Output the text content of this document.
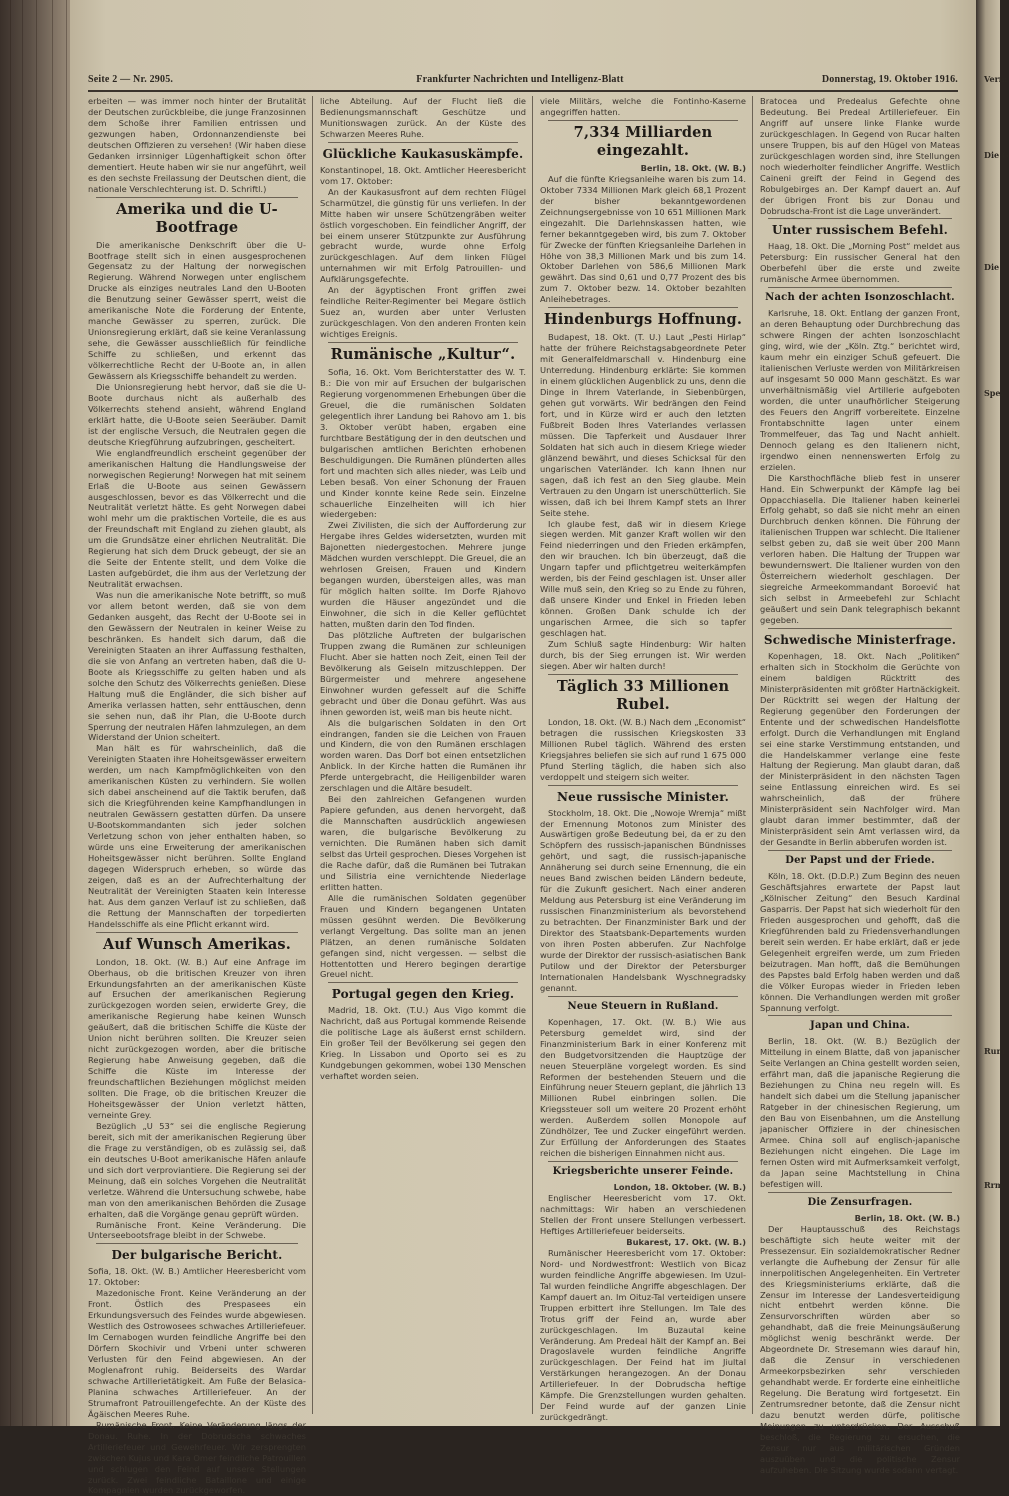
Seite 2 — Nr. 2905.	Frankfurter Nachrichten und Intelligenz-Blatt	Donnerstag, 19. Oktober 1916.

erbeiten — was immer noch hinter der Brutalität der Deutschen zurückbleibe, die junge Franzosinnen dem Schoße ihrer Familien entrissen und gezwungen haben, Ordonnanzendienste bei deutschen Offizieren zu versehen! (Wir haben diese Gedanken irrsinniger Lügenhaftigkeit schon öfter dementiert. Heute haben wir sie nur angeführt, weil es den sechste Freilassung der Deutschen dient, die nationale Verschlechterung ist. D. Schriftl.)

Amerika und die U-Bootfrage

Die amerikanische Denkschrift über die U-Bootfrage stellt sich in einen ausgesprochenen Gegensatz zu der Haltung der norwegischen Regierung. Während Norwegen unter englischem Drucke als einziges neutrales Land den U-Booten die Benutzung seiner Gewässer sperrt, weist die amerikanische Note die Forderung der Entente, manche Gewässer zu sperren, zurück. Die Unionsregierung erklärt, daß sie keine Veranlassung sehe, die Gewässer ausschließlich für feindliche Schiffe zu schließen, und erkennt das völkerrechtliche Recht der U-Boote an, in allen Gewässern als Kriegsschiffe behandelt zu werden.

Die Unionsregierung hebt hervor, daß sie die U-Boote durchaus nicht als außerhalb des Völkerrechts stehend ansieht, während England erklärt hatte, die U-Boote seien Seeräuber. Damit ist der englische Versuch, die Neutralen gegen die deutsche Kriegführung aufzubringen, gescheitert.

Wie englandfreundlich erscheint gegenüber der amerikanischen Haltung die Handlungsweise der norwegischen Regierung! Norwegen hat mit seinem Erlaß die U-Boote aus seinen Gewässern ausgeschlossen, bevor es das Völkerrecht und die Neutralität verletzt hätte. Es geht Norwegen dabei wohl mehr um die praktischen Vorteile, die es aus der Freundschaft mit England zu ziehen glaubt, als um die Grundsätze einer ehrlichen Neutralität. Die Regierung hat sich dem Druck gebeugt, der sie an die Seite der Entente stellt, und dem Volke die Lasten aufgebürdet, die ihm aus der Verletzung der Neutralität erwachsen.

Was nun die amerikanische Note betrifft, so muß vor allem betont werden, daß sie von dem Gedanken ausgeht, das Recht der U-Boote sei in den Gewässern der Neutralen in keiner Weise zu beschränken. Es handelt sich darum, daß die Vereinigten Staaten an ihrer Auffassung festhalten, die sie von Anfang an vertreten haben, daß die U-Boote als Kriegsschiffe zu gelten haben und als solche den Schutz des Völkerrechts genießen. Diese Haltung muß die Engländer, die sich bisher auf Amerika verlassen hatten, sehr enttäuschen, denn sie sehen nun, daß ihr Plan, die U-Boote durch Sperrung der neutralen Häfen lahmzulegen, an dem Widerstand der Union scheitert.

Man hält es für wahrscheinlich, daß die Vereinigten Staaten ihre Hoheitsgewässer erweitern werden, um nach Kampfmöglichkeiten von den amerikanischen Küsten zu verhindern. Sie wollen sich dabei anscheinend auf die Taktik berufen, daß sich die Kriegführenden keine Kampfhandlungen in neutralen Gewässern gestatten dürfen. Da unsere U-Bootskommandanten sich jeder solchen Verletzung schon von jeher enthalten haben, so würde uns eine Erweiterung der amerikanischen Hoheitsgewässer nicht berühren. Sollte England dagegen Widerspruch erheben, so würde das zeigen, daß es an der Aufrechterhaltung der Neutralität der Vereinigten Staaten kein Interesse hat. Aus dem ganzen Verlauf ist zu schließen, daß die Rettung der Mannschaften der torpedierten Handelsschiffe als eine Pflicht erkannt wird.

Auf Wunsch Amerikas.

London, 18. Okt. (W. B.) Auf eine Anfrage im Oberhaus, ob die britischen Kreuzer von ihren Erkundungsfahrten an der amerikanischen Küste auf Ersuchen der amerikanischen Regierung zurückgezogen worden seien, erwiderte Grey, die amerikanische Regierung habe keinen Wunsch geäußert, daß die britischen Schiffe die Küste der Union nicht berühren sollten. Die Kreuzer seien nicht zurückgezogen worden, aber die britische Regierung habe Anweisung gegeben, daß die Schiffe die Küste im Interesse der freundschaftlichen Beziehungen möglichst meiden sollten. Die Frage, ob die britischen Kreuzer die Hoheitsgewässer der Union verletzt hätten, verneinte Grey.

Bezüglich „U 53“ sei die englische Regierung bereit, sich mit der amerikanischen Regierung über die Frage zu verständigen, ob es zulässig sei, daß ein deutsches U-Boot amerikanische Häfen anlaufe und sich dort verproviantiere. Die Regierung sei der Meinung, daß ein solches Vorgehen die Neutralität verletze. Während die Untersuchung schwebe, habe man von den amerikanischen Behörden die Zusage erhalten, daß die Vorgänge genau geprüft würden.

Rumänische Front. Keine Veränderung. Die Unterseebootsfrage bleibt in der Schwebe.

Der bulgarische Bericht.

Sofia, 18. Okt. (W. B.) Amtlicher Heeresbericht vom 17. Oktober:

Mazedonische Front. Keine Veränderung an der Front. Östlich des Prespasees ein Erkundungsversuch des Feindes wurde abgewiesen. Westlich des Ostrowosees schwaches Artilleriefeuer. Im Cernabogen wurden feindliche Angriffe bei den Dörfern Skochivir und Vrbeni unter schweren Verlusten für den Feind abgewiesen. An der Moglenafront ruhig. Beiderseits des Wardar schwache Artillerietätigkeit. Am Fuße der Belasica-Planina schwaches Artilleriefeuer. An der Strumafront Patrouillengefechte. An der Küste des Ägäischen Meeres Ruhe.

Rumänische Front. Keine Veränderung längs der Donau. Ruhe. In der Dobrudscha schwaches Artilleriefeuer und Gewehrfeuer. Wir zersprengten zwischen Kujus und Kara Omer feindliche Patrouillen und schlugen den Feind auf unsere Stellungen zurück. Zwei feindliche Bataillone und einige Kompagnien wurden zurückgeworfen.

liche Abteilung. Auf der Flucht ließ die Bedienungsmannschaft Geschütze und Munitionswagen zurück. An der Küste des Schwarzen Meeres Ruhe.

Glückliche Kaukasuskämpfe.

Konstantinopel, 18. Okt. Amtlicher Heeresbericht vom 17. Oktober:

An der Kaukasusfront auf dem rechten Flügel Scharmützel, die günstig für uns verliefen. In der Mitte haben wir unsere Schützengräben weiter östlich vorgeschoben. Ein feindlicher Angriff, der bei einem unserer Stützpunkte zur Ausführung gebracht wurde, wurde ohne Erfolg zurückgeschlagen. Auf dem linken Flügel unternahmen wir mit Erfolg Patrouillen- und Aufklärungsgefechte.

An der ägyptischen Front griffen zwei feindliche Reiter-Regimenter bei Megare östlich Suez an, wurden aber unter Verlusten zurückgeschlagen. Von den anderen Fronten kein wichtiges Ereignis.

Rumänische „Kultur“.

Sofia, 16. Okt. Vom Berichterstatter des W. T. B.: Die von mir auf Ersuchen der bulgarischen Regierung vorgenommenen Erhebungen über die Greuel, die die rumänischen Soldaten gelegentlich ihrer Landung bei Rahovo am 1. bis 3. Oktober verübt haben, ergaben eine furchtbare Bestätigung der in den deutschen und bulgarischen amtlichen Berichten erhobenen Beschuldigungen. Die Rumänen plünderten alles fort und machten sich alles nieder, was Leib und Leben besaß. Von einer Schonung der Frauen und Kinder konnte keine Rede sein. Einzelne schauerliche Einzelheiten will ich hier wiedergeben:

Zwei Zivilisten, die sich der Aufforderung zur Hergabe ihres Geldes widersetzten, wurden mit Bajonetten niedergestochen. Mehrere junge Mädchen wurden verschleppt. Die Greuel, die an wehrlosen Greisen, Frauen und Kindern begangen wurden, übersteigen alles, was man für möglich halten sollte. Im Dorfe Rjahovo wurden die Häuser angezündet und die Einwohner, die sich in die Keller geflüchtet hatten, mußten darin den Tod finden.

Das plötzliche Auftreten der bulgarischen Truppen zwang die Rumänen zur schleunigen Flucht. Aber sie hatten noch Zeit, einen Teil der Bevölkerung als Geiseln mitzuschleppen. Der Bürgermeister und mehrere angesehene Einwohner wurden gefesselt auf die Schiffe gebracht und über die Donau geführt. Was aus ihnen geworden ist, weiß man bis heute nicht.

Als die bulgarischen Soldaten in den Ort eindrangen, fanden sie die Leichen von Frauen und Kindern, die von den Rumänen erschlagen worden waren. Das Dorf bot einen entsetzlichen Anblick. In der Kirche hatten die Rumänen ihr Pferde untergebracht, die Heiligenbilder waren zerschlagen und die Altäre besudelt.

Bei den zahlreichen Gefangenen wurden Papiere gefunden, aus denen hervorgeht, daß die Mannschaften ausdrücklich angewiesen waren, die bulgarische Bevölkerung zu vernichten. Die Rumänen haben sich damit selbst das Urteil gesprochen. Dieses Vorgehen ist die Rache dafür, daß die Rumänen bei Tutrakan und Silistria eine vernichtende Niederlage erlitten hatten.

Alle die rumänischen Soldaten gegenüber Frauen und Kindern begangenen Untaten müssen gesühnt werden. Die Bevölkerung verlangt Vergeltung. Das sollte man an jenen Plätzen, an denen rumänische Soldaten gefangen sind, nicht vergessen. — selbst die Hottentotten und Herero begingen derartige Greuel nicht.

Portugal gegen den Krieg.

Madrid, 18. Okt. (T.U.) Aus Vigo kommt die Nachricht, daß aus Portugal kommende Reisende die politische Lage als äußerst ernst schildern. Ein großer Teil der Bevölkerung sei gegen den Krieg. In Lissabon und Oporto sei es zu Kundgebungen gekommen, wobei 130 Menschen verhaftet worden seien.

viele Militärs, welche die Fontinho-Kaserne angegriffen hatten.

7,334 Milliarden eingezahlt.

Berlin, 18. Okt. (W. B.)

Auf die fünfte Kriegsanleihe waren bis zum 14. Oktober 7334 Millionen Mark gleich 68,1 Prozent der bisher bekanntgewordenen Zeichnungsergebnisse von 10 651 Millionen Mark eingezahlt. Die Darlehnskassen hatten, wie ferner bekanntgegeben wird, bis zum 7. Oktober für Zwecke der fünften Kriegsanleihe Darlehen in Höhe von 38,3 Millionen Mark und bis zum 14. Oktober Darlehen von 586,6 Millionen Mark gewährt. Das sind 0,61 und 0,77 Prozent des bis zum 7. Oktober bezw. 14. Oktober bezahlten Anleihebetrages.

Hindenburgs Hoffnung.

Budapest, 18. Okt. (T. U.) Laut „Pesti Hirlap“ hatte der frühere Reichstagsabgeordnete Peter mit Generalfeldmarschall v. Hindenburg eine Unterredung. Hindenburg erklärte: Sie kommen in einem glücklichen Augenblick zu uns, denn die Dinge in Ihrem Vaterlande, in Siebenbürgen, gehen gut vorwärts. Wir bedrängen den Feind fort, und in Kürze wird er auch den letzten Fußbreit Boden Ihres Vaterlandes verlassen müssen. Die Tapferkeit und Ausdauer Ihrer Soldaten hat sich auch in diesem Kriege wieder glänzend bewährt, und dieses Schicksal für den ungarischen Vaterländer. Ich kann Ihnen nur sagen, daß ich fest an den Sieg glaube. Mein Vertrauen zu den Ungarn ist unerschütterlich. Sie wissen, daß ich bei Ihrem Kampf stets an Ihrer Seite stehe.

Ich glaube fest, daß wir in diesem Kriege siegen werden. Mit ganzer Kraft wollen wir den Feind niederringen und den Frieden erkämpfen, den wir brauchen. Ich bin überzeugt, daß die Ungarn tapfer und pflichtgetreu weiterkämpfen werden, bis der Feind geschlagen ist. Unser aller Wille muß sein, den Krieg so zu Ende zu führen, daß unsere Kinder und Enkel in Frieden leben können. Großen Dank schulde ich der ungarischen Armee, die sich so tapfer geschlagen hat.

Zum Schluß sagte Hindenburg: Wir halten durch, bis der Sieg errungen ist. Wir werden siegen. Aber wir halten durch!

Täglich 33 Millionen Rubel.

London, 18. Okt. (W. B.) Nach dem „Economist“ betragen die russischen Kriegskosten 33 Millionen Rubel täglich. Während des ersten Kriegsjahres beliefen sie sich auf rund 1 675 000 Pfund Sterling täglich, die haben sich also verdoppelt und steigern sich weiter.

Neue russische Minister.

Stockholm, 18. Okt. Die „Nowoje Wremja“ mißt der Ernennung Motonos zum Minister des Auswärtigen große Bedeutung bei, da er zu den Schöpfern des russisch-japanischen Bündnisses gehört, und sagt, die russisch-japanische Annäherung sei durch seine Ernennung, die ein neues Band zwischen beiden Ländern bedeute, für die Zukunft gesichert. Nach einer anderen Meldung aus Petersburg ist eine Veränderung im russischen Finanzministerium als bevorstehend zu betrachten. Der Finanzminister Bark und der Direktor des Staatsbank-Departements wurden von ihren Posten abberufen. Zur Nachfolge wurde der Direktor der russisch-asiatischen Bank Putilow und der Direktor der Petersburger Internationalen Handelsbank Wyschnegradsky genannt.

Neue Steuern in Rußland.

Kopenhagen, 17. Okt. (W. B.) Wie aus Petersburg gemeldet wird, sind der Finanzministerium Bark in einer Konferenz mit den Budgetvorsitzenden die Hauptzüge der neuen Steuerpläne vorgelegt worden. Es sind Reformen der bestehenden Steuern und die Einführung neuer Steuern geplant, die jährlich 13 Millionen Rubel einbringen sollen. Die Kriegssteuer soll um weitere 20 Prozent erhöht werden. Außerdem sollen Monopole auf Zündhölzer, Tee und Zucker eingeführt werden. Zur Erfüllung der Anforderungen des Staates reichen die bisherigen Einnahmen nicht aus.

Kriegsberichte unserer Feinde.

London, 18. Oktober. (W. B.)

Englischer Heeresbericht vom 17. Okt. nachmittags: Wir haben an verschiedenen Stellen der Front unsere Stellungen verbessert. Heftiges Artilleriefeuer beiderseits.

Bukarest, 17. Okt. (W. B.)

Rumänischer Heeresbericht vom 17. Oktober: Nord- und Nordwestfront: Westlich von Bicaz wurden feindliche Angriffe abgewiesen. Im Uzul-Tal wurden feindliche Angriffe abgeschlagen. Der Kampf dauert an. Im Oituz-Tal verteidigen unsere Truppen erbittert ihre Stellungen. Im Tale des Trotus griff der Feind an, wurde aber zurückgeschlagen. Im Buzautal keine Veränderung. Am Predeal hält der Kampf an. Bei Dragoslavele wurden feindliche Angriffe zurückgeschlagen. Der Feind hat im Jiultal Verstärkungen herangezogen. An der Donau Artilleriefeuer. In der Dobrudscha heftige Kämpfe. Die Grenzstellungen wurden gehalten. Der Feind wurde auf der ganzen Linie zurückgedrängt.

Bratocea und Predealus Gefechte ohne Bedeutung. Bei Predeal Artilleriefeuer. Ein Angriff auf unsere linke Flanke wurde zurückgeschlagen. In Gegend von Rucar halten unsere Truppen, bis auf den Hügel von Mateas zurückgeschlagen worden sind, ihre Stellungen noch wiederholter feindlicher Angriffe. Westlich Caineni greift der Feind in Gegend des Robulgebirges an. Der Kampf dauert an. Auf der übrigen Front bis zur Donau und Dobrudscha-Front ist die Lage unverändert.

Unter russischem Befehl.

Haag, 18. Okt. Die „Morning Post“ meldet aus Petersburg: Ein russischer General hat den Oberbefehl über die erste und zweite rumänische Armee übernommen.

Nach der achten Isonzoschlacht.

Karlsruhe, 18. Okt. Entlang der ganzen Front, an deren Behauptung oder Durchbrechung das schwere Ringen der achten Isonzoschlacht ging, wird, wie der „Köln. Ztg.“ berichtet wird, kaum mehr ein einziger Schuß gefeuert. Die italienischen Verluste werden von Militärkreisen auf insgesamt 50 000 Mann geschätzt. Es war unverhältnismäßig viel Artillerie aufgeboten worden, die unter unaufhörlicher Steigerung des Feuers den Angriff vorbereitete. Einzelne Frontabschnitte lagen unter einem Trommelfeuer, das Tag und Nacht anhielt. Dennoch gelang es den Italienern nicht, irgendwo einen nennenswerten Erfolg zu erzielen.

Die Karsthochfläche blieb fest in unserer Hand. Ein Schwerpunkt der Kämpfe lag bei Oppacchiasella. Die Italiener haben keinerlei Erfolg gehabt, so daß sie nicht mehr an einen Durchbruch denken können. Die Führung der italienischen Truppen war schlecht. Die Italiener selbst geben zu, daß sie weit über 200 Mann verloren haben. Die Haltung der Truppen war bewundernswert. Die Italiener wurden von den Österreichern wiederholt geschlagen. Der siegreiche Armeekommandant Boroević hat sich selbst in Armeebefehl zur Schlacht geäußert und sein Dank telegraphisch bekannt gegeben.

Schwedische Ministerfrage.

Kopenhagen, 18. Okt. Nach „Politiken“ erhalten sich in Stockholm die Gerüchte von einem baldigen Rücktritt des Ministerpräsidenten mit größter Hartnäckigkeit. Der Rücktritt sei wegen der Haltung der Regierung gegenüber den Forderungen der Entente und der schwedischen Handelsflotte erfolgt. Durch die Verhandlungen mit England sei eine starke Verstimmung entstanden, und die Handelskammer verlange eine feste Haltung der Regierung. Man glaubt daran, daß der Ministerpräsident in den nächsten Tagen seine Entlassung einreichen wird. Es sei wahrscheinlich, daß der frühere Ministerpräsident sein Nachfolger wird. Man glaubt daran immer bestimmter, daß der Ministerpräsident sein Amt verlassen wird, da der Gesandte in Berlin abberufen worden ist.

Der Papst und der Friede.

Köln, 18. Okt. (D.D.P.) Zum Beginn des neuen Geschäftsjahres erwartete der Papst laut „Kölnischer Zeitung“ den Besuch Kardinal Gasparris. Der Papst hat sich wiederholt für den Frieden ausgesprochen und gehofft, daß die Kriegführenden bald zu Friedensverhandlungen bereit sein werden. Er habe erklärt, daß er jede Gelegenheit ergreifen werde, um zum Frieden beizutragen. Man hofft, daß die Bemühungen des Papstes bald Erfolg haben werden und daß die Völker Europas wieder in Frieden leben können. Die Verhandlungen werden mit großer Spannung verfolgt.

Japan und China.

Berlin, 18. Okt. (W. B.) Bezüglich der Mitteilung in einem Blatte, daß von japanischer Seite Verlangen an China gestellt worden seien, erfährt man, daß die japanische Regierung die Beziehungen zu China neu regeln will. Es handelt sich dabei um die Stellung japanischer Ratgeber in der chinesischen Regierung, um den Bau von Eisenbahnen, um die Anstellung japanischer Offiziere in der chinesischen Armee. China soll auf englisch-japanische Beziehungen nicht eingehen. Die Lage im fernen Osten wird mit Aufmerksamkeit verfolgt, da Japan seine Machtstellung in China befestigen will.

Die Zensurfragen.

Berlin, 18. Okt. (W. B.)

Der Hauptausschuß des Reichstags beschäftigte sich heute weiter mit der Pressezensur. Ein sozialdemokratischer Redner verlangte die Aufhebung der Zensur für alle innerpolitischen Angelegenheiten. Ein Vertreter des Kriegsministeriums erklärte, daß die Zensur im Interesse der Landesverteidigung nicht entbehrt werden könne. Die Zensurvorschriften würden aber so gehandhabt, daß die freie Meinungsäußerung möglichst wenig beschränkt werde. Der Abgeordnete Dr. Stresemann wies darauf hin, daß die Zensur in verschiedenen Armeekorpsbezirken sehr verschieden gehandhabt werde. Er forderte eine einheitliche Regelung. Die Beratung wird fortgesetzt. Ein Zentrumsredner betonte, daß die Zensur nicht dazu benutzt werden dürfe, politische Meinungen zu unterdrücken. Der Ausschuß beschloß, die Regierung zu ersuchen, die Zensur nur aus militärischen Gründen auszuüben und die politische Zensur aufzuheben. Die Sitzung wurde sodann vertagt.

Verm
Die G
Die
Spei
Rum
Rrm
